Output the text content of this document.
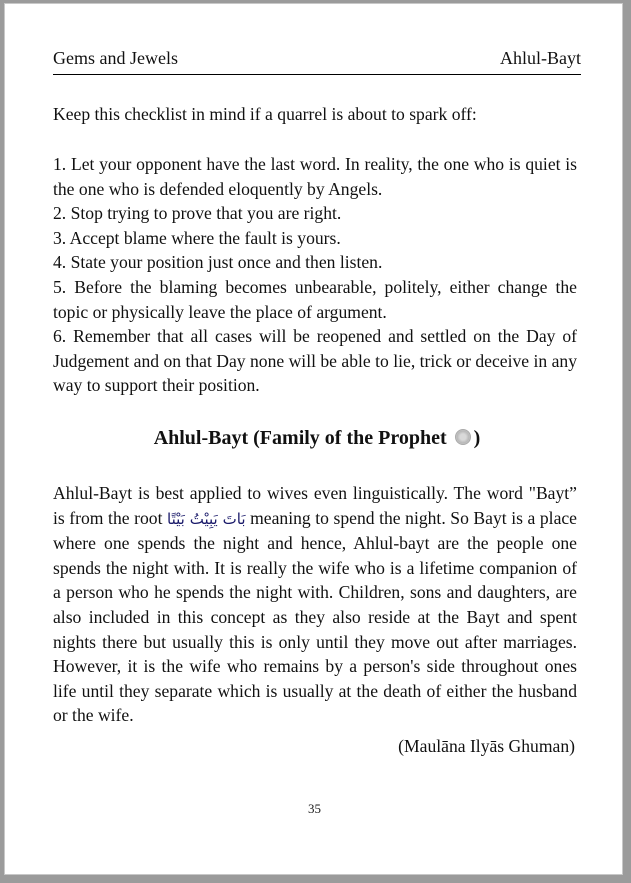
Gems and Jewels	Ahlul-Bayt
Keep this checklist in mind if a quarrel is about to spark off:

1. Let your opponent have the last word. In reality, the one who is quiet is the one who is defended eloquently by Angels.

2. Stop trying to prove that you are right.

3. Accept blame where the fault is yours.

4. State your position just once and then listen.

5. Before the blaming becomes unbearable, politely, either change the topic or physically leave the place of argument.

6. Remember that all cases will be reopened and settled on the Day of Judgement and on that Day none will be able to lie, trick or deceive in any way to support their position.

Ahlul-Bayt (Family of the Prophet )

Ahlul-Bayt is best applied to wives even linguistically. The word "Bayt” is from the root بَاتَ يَبِيْتُ بَيْتًا meaning to spend the night. So Bayt is a place where one spends the night and hence, Ahlul-bayt are the people one spends the night with. It is really the wife who is a lifetime companion of a person who he spends the night with. Children, sons and daughters, are also included in this concept as they also reside at the Bayt and spent nights there but usually this is only until they move out after marriages. However, it is the wife who remains by a person's side throughout ones life until they separate which is usually at the death of either the husband or the wife.

(Maulāna Ilyās Ghuman)
35
